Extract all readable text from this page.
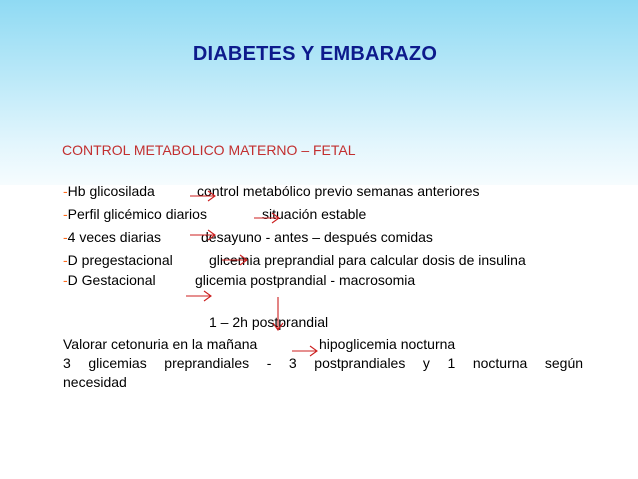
DIABETES Y EMBARAZO
CONTROL METABOLICO MATERNO – FETAL
-Hb glicosilada	control metabólico previo semanas anteriores
-Perfil glicémico diarios	situación estable
-4 veces diarias	desayuno - antes – después comidas
-D pregestacional	glicemia preprandial para calcular dosis de insulina
-D Gestacional	glicemia postprandial - macrosomia
1 – 2h postprandial
Valorar cetonuria en la mañana	hipoglicemia nocturna
3 glicemias preprandiales - 3 postprandiales y 1 nocturna según
necesidad
